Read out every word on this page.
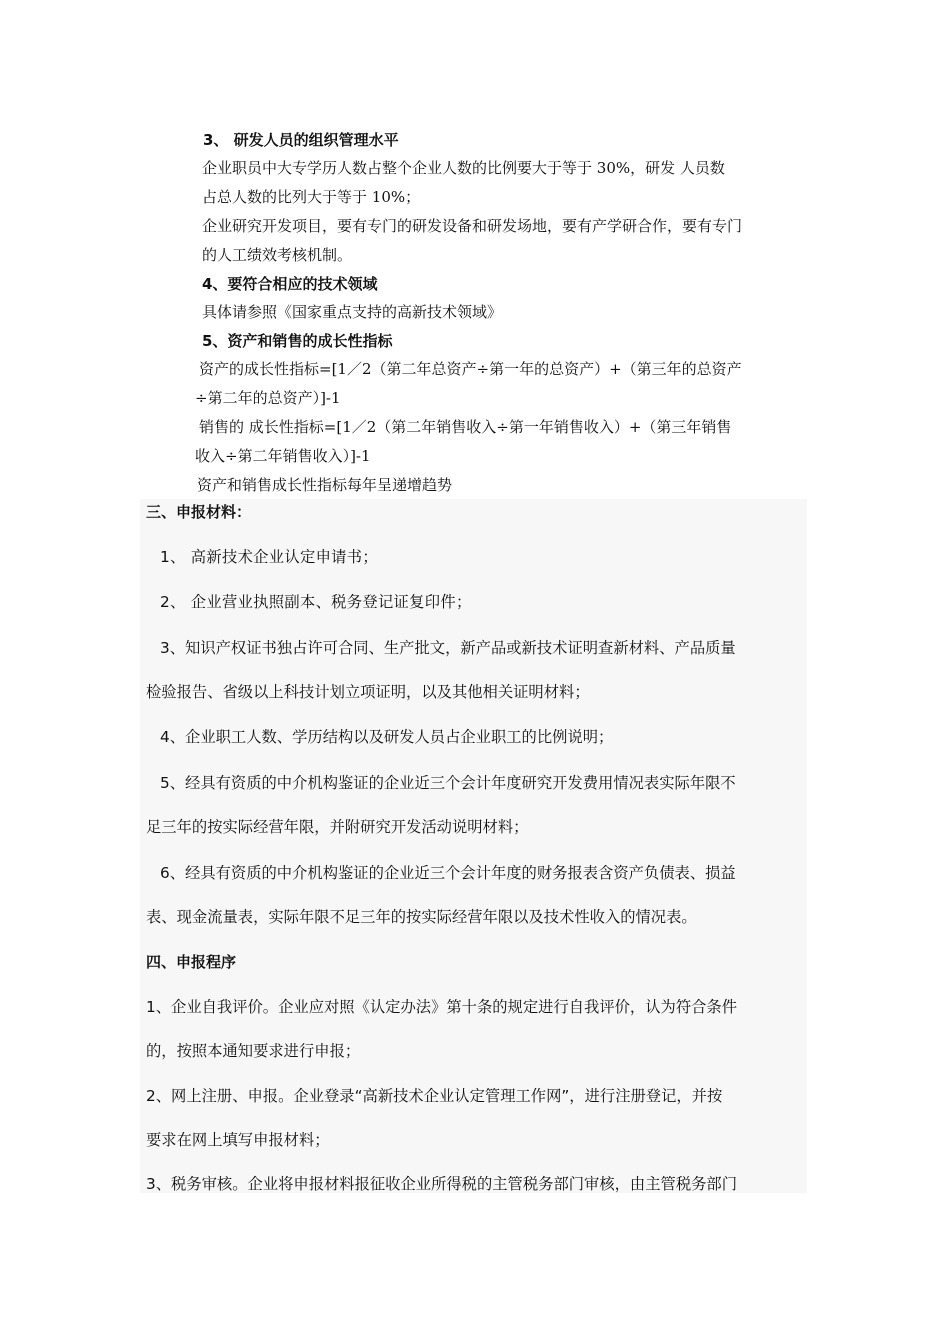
3、 研发人员的组织管理水平
企业职员中大专学历人数占整个企业人数的比例要大于等于 30%，研发 人员数
占总人数的比列大于等于 10%；
企业研究开发项目，要有专门的研发设备和研发场地，要有产学研合作，要有专门
的人工绩效考核机制。
4、要符合相应的技术领域
具体请参照《国家重点支持的高新技术领域》
5、资产和销售的成长性指标
资产的成长性指标=[1／2（第二年总资产÷第一年的总资产）+（第三年的总资产
÷第二年的总资产）]-1
销售的 成长性指标=[1／2（第二年销售收入÷第一年销售收入）+（第三年销售
收入÷第二年销售收入）]-1
资产和销售成长性指标每年呈递增趋势
三、申报材料：
1、 高新技术企业认定申请书；
2、 企业营业执照副本、税务登记证复印件；
3、知识产权证书独占许可合同、生产批文，新产品或新技术证明查新材料、产品质量
检验报告、省级以上科技计划立项证明，以及其他相关证明材料；
4、企业职工人数、学历结构以及研发人员占企业职工的比例说明；
5、经具有资质的中介机构鉴证的企业近三个会计年度研究开发费用情况表实际年限不
足三年的按实际经营年限，并附研究开发活动说明材料；
6、经具有资质的中介机构鉴证的企业近三个会计年度的财务报表含资产负债表、损益
表、现金流量表，实际年限不足三年的按实际经营年限以及技术性收入的情况表。
四、申报程序
1、企业自我评价。企业应对照《认定办法》第十条的规定进行自我评价，认为符合条件
的，按照本通知要求进行申报；
2、网上注册、申报。企业登录“高新技术企业认定管理工作网”，进行注册登记，并按
要求在网上填写申报材料；
3、税务审核。企业将申报材料报征收企业所得税的主管税务部门审核，由主管税务部门
